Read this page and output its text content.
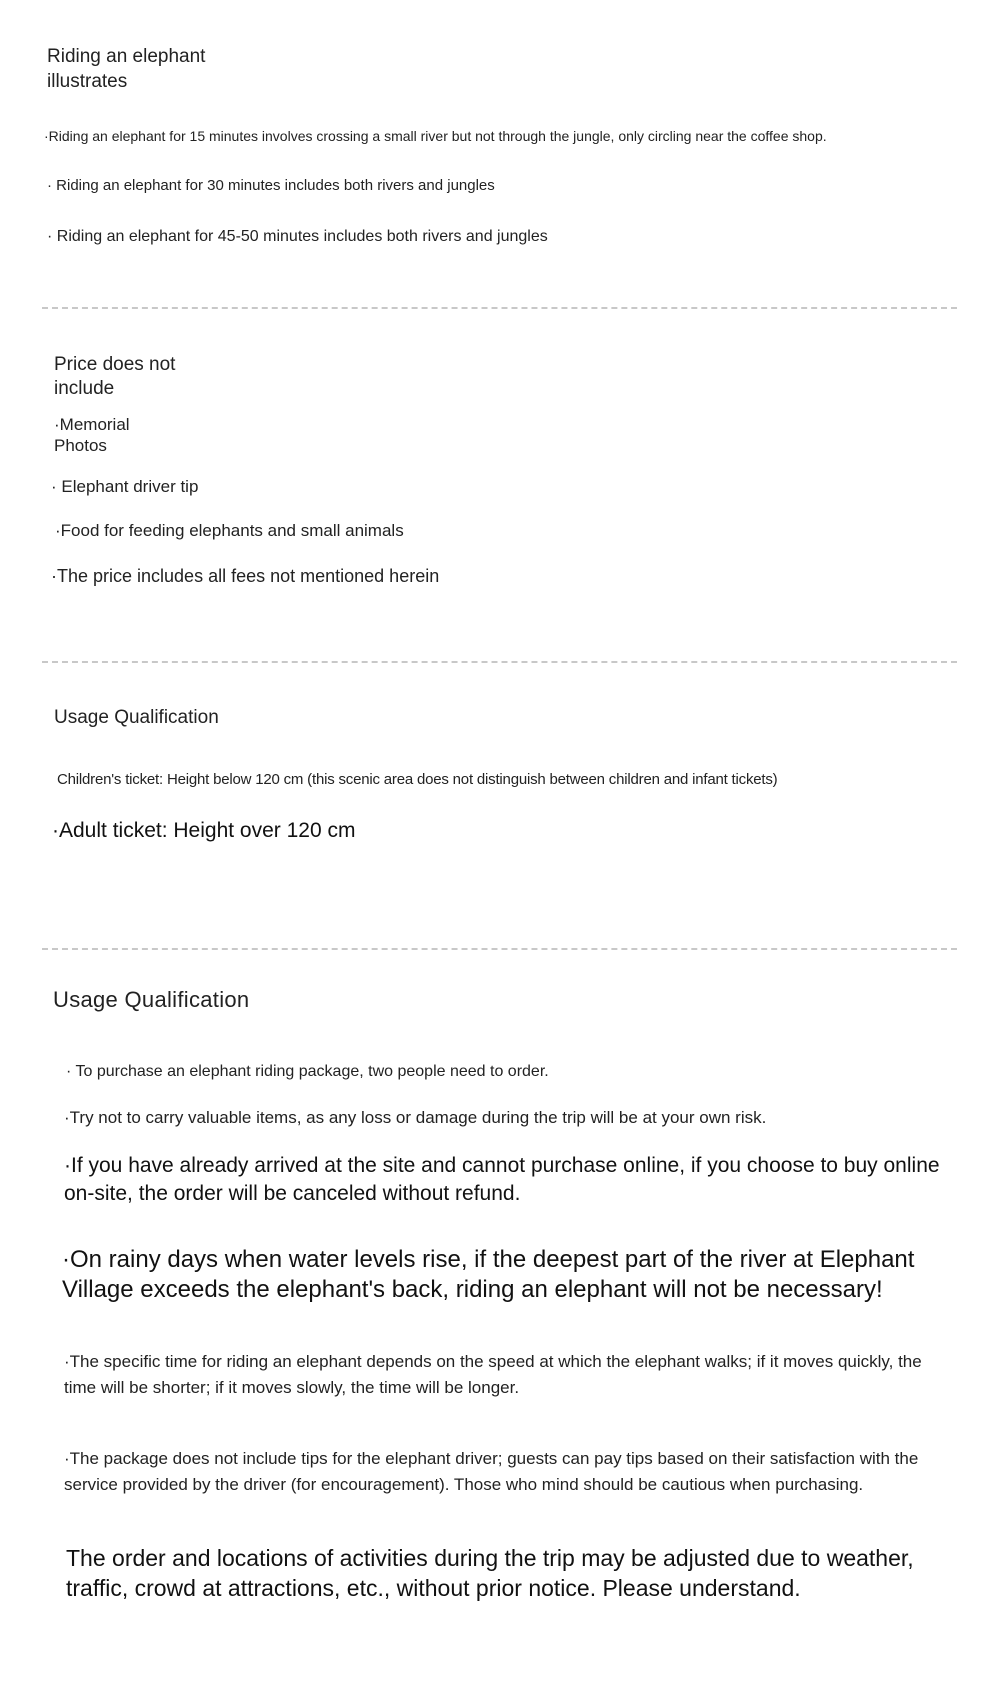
Riding an elephant illustrates

·Riding an elephant for 15 minutes involves crossing a small river but not through the jungle, only circling near the coffee shop.

· Riding an elephant for 30 minutes includes both rivers and jungles

· Riding an elephant for 45-50 minutes includes both rivers and jungles

Price does not include

·Memorial Photos

· Elephant driver tip

·Food for feeding elephants and small animals

·The price includes all fees not mentioned herein

Usage Qualification

Children's ticket: Height below 120 cm (this scenic area does not distinguish between children and infant tickets)

·Adult ticket: Height over 120 cm

Usage Qualification

· To purchase an elephant riding package, two people need to order.

·Try not to carry valuable items, as any loss or damage during the trip will be at your own risk.

·If you have already arrived at the site and cannot purchase online, if you choose to buy online on-site, the order will be canceled without refund.

·On rainy days when water levels rise, if the deepest part of the river at Elephant Village exceeds the elephant's back, riding an elephant will not be necessary!

·The specific time for riding an elephant depends on the speed at which the elephant walks; if it moves quickly, the time will be shorter; if it moves slowly, the time will be longer.

·The package does not include tips for the elephant driver; guests can pay tips based on their satisfaction with the service provided by the driver (for encouragement). Those who mind should be cautious when purchasing.

The order and locations of activities during the trip may be adjusted due to weather, traffic, crowd at attractions, etc., without prior notice. Please understand.
